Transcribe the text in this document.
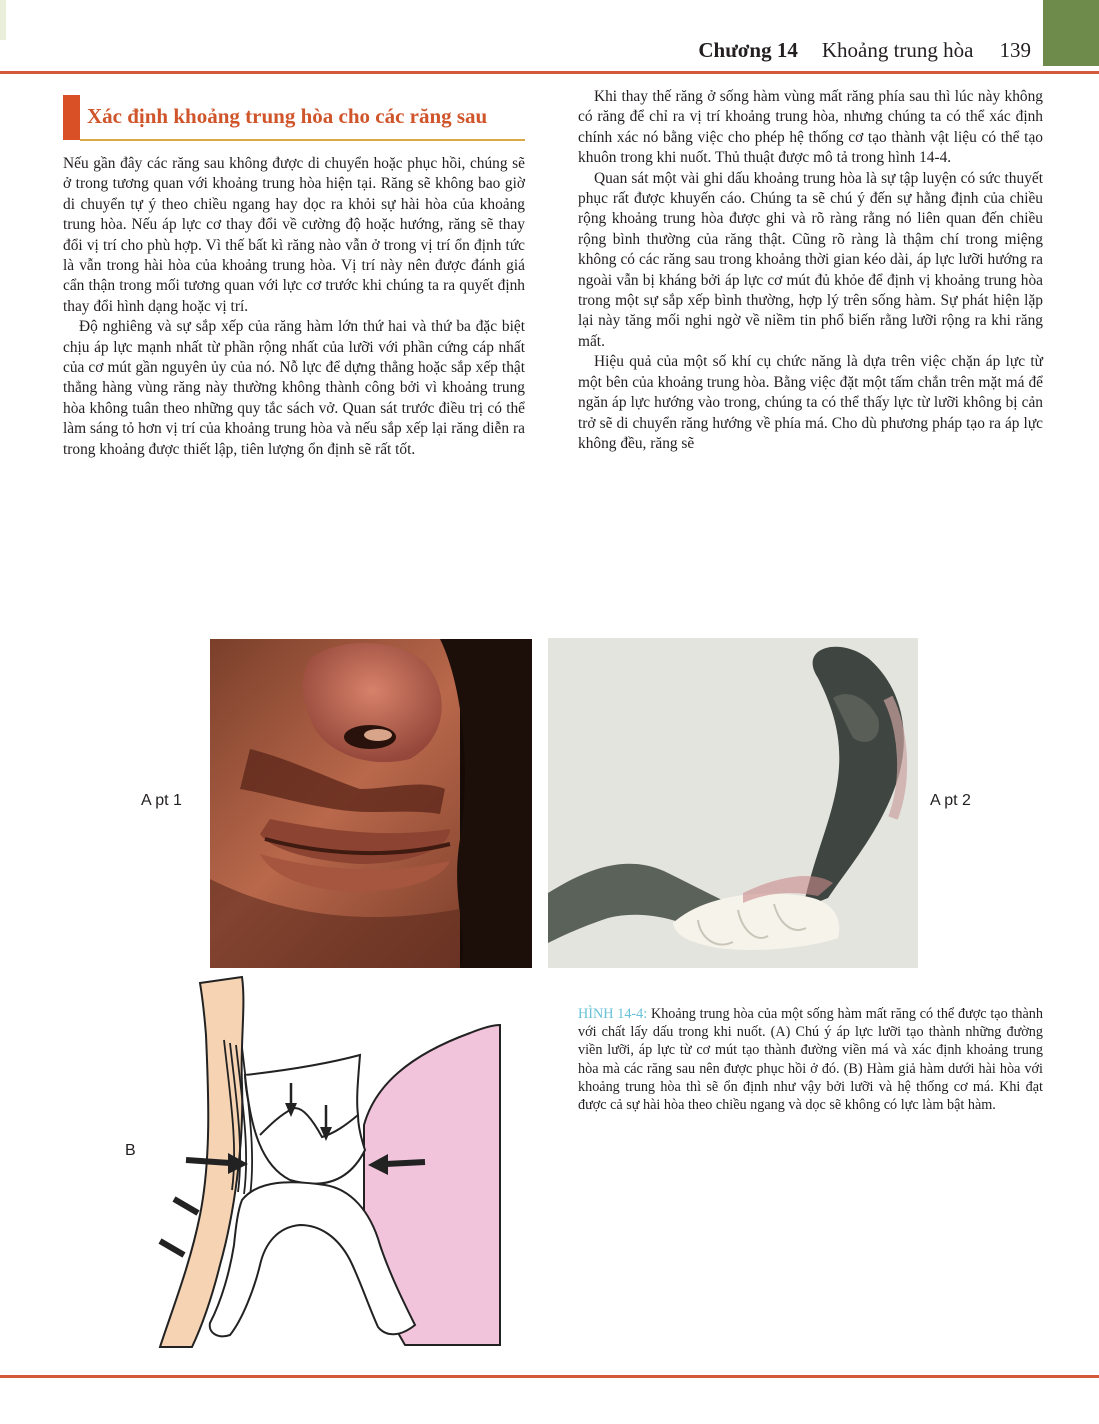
Chương 14 Khoảng trung hòa 139
Xác định khoảng trung hòa cho các răng sau

Nếu gần đây các răng sau không được di chuyển hoặc phục hồi, chúng sẽ ở trong tương quan với khoảng trung hòa hiện tại. Răng sẽ không bao giờ di chuyển tự ý theo chiều ngang hay dọc ra khỏi sự hài hòa của khoảng trung hòa. Nếu áp lực cơ thay đổi về cường độ hoặc hướng, răng sẽ thay đổi vị trí cho phù hợp. Vì thế bất kì răng nào vẫn ở trong vị trí ổn định tức là vẫn trong hài hòa của khoảng trung hòa. Vị trí này nên được đánh giá cẩn thận trong mối tương quan với lực cơ trước khi chúng ta ra quyết định thay đổi hình dạng hoặc vị trí.

Độ nghiêng và sự sắp xếp của răng hàm lớn thứ hai và thứ ba đặc biệt chịu áp lực mạnh nhất từ phần rộng nhất của lưỡi với phần cứng cáp nhất của cơ mút gần nguyên ủy của nó. Nỗ lực để dựng thẳng hoặc sắp xếp thật thẳng hàng vùng răng này thường không thành công bởi vì khoảng trung hòa không tuân theo những quy tắc sách vở. Quan sát trước điều trị có thể làm sáng tỏ hơn vị trí của khoảng trung hòa và nếu sắp xếp lại răng diễn ra trong khoảng được thiết lập, tiên lượng ổn định sẽ rất tốt.

Khi thay thế răng ở sống hàm vùng mất răng phía sau thì lúc này không có răng để chỉ ra vị trí khoảng trung hòa, nhưng chúng ta có thể xác định chính xác nó bằng việc cho phép hệ thống cơ tạo thành vật liệu có thể tạo khuôn trong khi nuốt. Thủ thuật được mô tả trong hình 14-4.

Quan sát một vài ghi dấu khoảng trung hòa là sự tập luyện có sức thuyết phục rất được khuyến cáo. Chúng ta sẽ chú ý đến sự hằng định của chiều rộng khoảng trung hòa được ghi và rõ ràng rằng nó liên quan đến chiều rộng bình thường của răng thật. Cũng rõ ràng là thậm chí trong miệng không có các răng sau trong khoảng thời gian kéo dài, áp lực lưỡi hướng ra ngoài vẫn bị kháng bởi áp lực cơ mút đủ khỏe để định vị khoảng trung hòa trong một sự sắp xếp bình thường, hợp lý trên sống hàm. Sự phát hiện lặp lại này tăng mối nghi ngờ về niềm tin phổ biến rằng lưỡi rộng ra khi răng mất.

Hiệu quả của một số khí cụ chức năng là dựa trên việc chặn áp lực từ một bên của khoảng trung hòa. Bằng việc đặt một tấm chắn trên mặt má để ngăn áp lực hướng vào trong, chúng ta có thể thấy lực từ lưỡi không bị cản trở sẽ di chuyển răng hướng về phía má. Cho dù phương pháp tạo ra áp lực không đều, răng sẽ

A pt 1	A pt 2
B
HÌNH 14-4: Khoảng trung hòa của một sống hàm mất răng có thể được tạo thành với chất lấy dấu trong khi nuốt. (A) Chú ý áp lực lưỡi tạo thành những đường viền lưỡi, áp lực từ cơ mút tạo thành đường viền má và xác định khoảng trung hòa mà các răng sau nên được phục hồi ở đó. (B) Hàm giả hàm dưới hài hòa với khoảng trung hòa thì sẽ ổn định như vậy bởi lưỡi và hệ thống cơ má. Khi đạt được cả sự hài hòa theo chiều ngang và dọc sẽ không có lực làm bật hàm.
